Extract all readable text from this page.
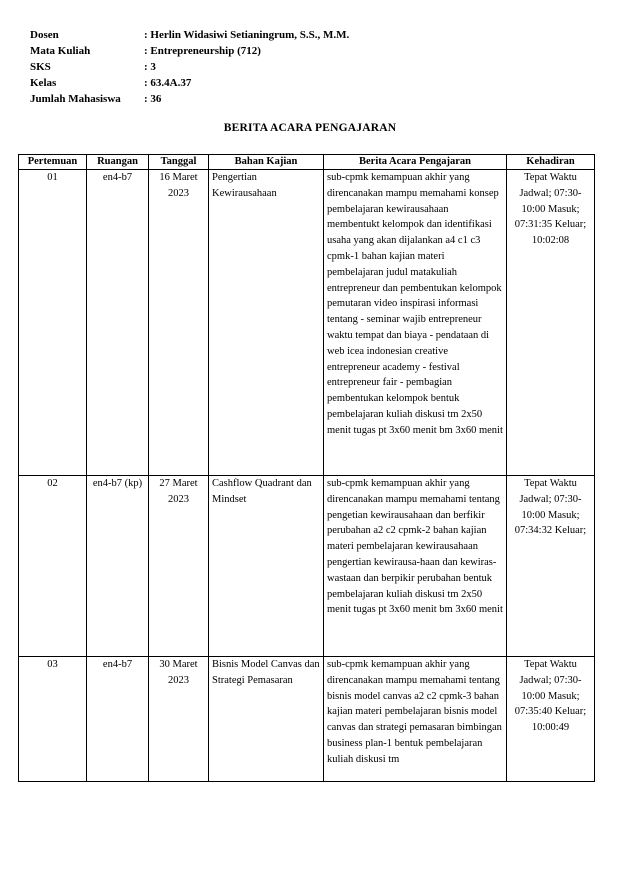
Dosen	: Herlin Widasiwi Setianingrum, S.S., M.M.
Mata Kuliah	: Entrepreneurship (712)
SKS	: 3
Kelas	: 63.4A.37
Jumlah Mahasiswa	: 36
BERITA ACARA PENGAJARAN
Pertemuan	Ruangan	Tanggal	Bahan Kajian	Berita Acara Pengajaran	Kehadiran
01	en4-b7	16 Maret 2023	Pengertian Kewirausahaan	sub-cpmk kemampuan akhir yang direncanakan mampu memahami konsep pembelajaran kewirausahaan membentukt kelompok dan identifikasi usaha yang akan dijalankan a4 c1 c3 cpmk-1 bahan kajian materi pembelajaran judul matakuliah entrepreneur dan pembentukan kelompok pemutaran video inspirasi informasi tentang - seminar wajib entrepreneur waktu tempat dan biaya - pendataan di web icea indonesian creative entrepreneur academy - festival entrepreneur fair - pembagian pembentukan kelompok bentuk pembelajaran kuliah diskusi tm 2x50 menit tugas pt 3x60 menit bm 3x60 menit	Tepat Waktu Jadwal; 07:30-10:00 Masuk; 07:31:35 Keluar; 10:02:08
02	en4-b7 (kp)	27 Maret 2023	Cashflow Quadrant dan Mindset	sub-cpmk kemampuan akhir yang direncanakan mampu memahami tentang pengetian kewirausahaan dan berfikir perubahan a2 c2 cpmk-2 bahan kajian materi pembelajaran kewirausahaan pengertian kewirausa-haan dan kewiras-wastaan dan berpikir perubahan bentuk pembelajaran kuliah diskusi tm 2x50 menit tugas pt 3x60 menit bm 3x60 menit	Tepat Waktu Jadwal; 07:30-10:00 Masuk; 07:34:32 Keluar;
03	en4-b7	30 Maret 2023	Bisnis Model Canvas dan Strategi Pemasaran	sub-cpmk kemampuan akhir yang direncanakan mampu memahami tentang bisnis model canvas a2 c2 cpmk-3 bahan kajian materi pembelajaran bisnis model canvas dan strategi pemasaran bimbingan business plan-1 bentuk pembelajaran kuliah diskusi tm	Tepat Waktu Jadwal; 07:30-10:00 Masuk; 07:35:40 Keluar; 10:00:49
